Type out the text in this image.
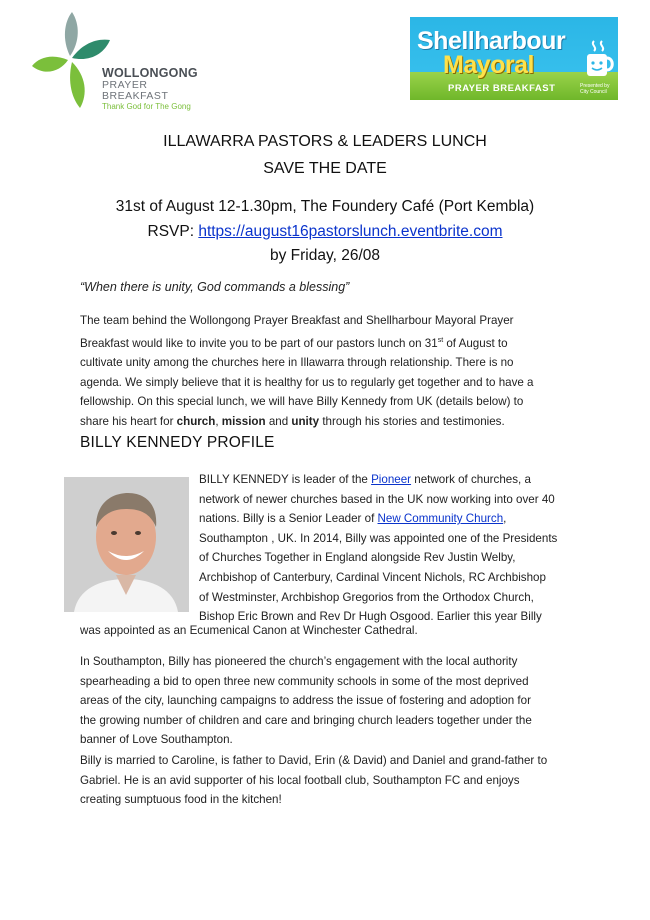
WOLLONGONG
PRAYER
BREAKFAST
Thank God for The Gong
Shellharbour
Mayoral
PRAYER BREAKFAST	Presented by City Council
ILLAWARRA PASTORS & LEADERS LUNCH
SAVE THE DATE
31st of August 12-1.30pm, The Foundery Café (Port Kembla)
RSVP: https://august16pastorslunch.eventbrite.com
by Friday, 26/08
“When there is unity, God commands a blessing”
The team behind the Wollongong Prayer Breakfast and Shellharbour Mayoral Prayer
Breakfast would like to invite you to be part of our pastors lunch on 31st of August to
cultivate unity among the churches here in Illawarra through relationship. There is no
agenda. We simply believe that it is healthy for us to regularly get together and to have a
fellowship. On this special lunch, we will have Billy Kennedy from UK (details below) to
share his heart for church, mission and unity through his stories and testimonies.
BILLY KENNEDY PROFILE
BILLY KENNEDY is leader of the Pioneer network of churches, a
network of newer churches based in the UK now working into over 40
nations. Billy is a Senior Leader of New Community Church,
Southampton , UK. In 2014, Billy was appointed one of the Presidents
of Churches Together in England alongside Rev Justin Welby,
Archbishop of Canterbury, Cardinal Vincent Nichols, RC Archbishop
of Westminster, Archbishop Gregorios from the Orthodox Church,
Bishop Eric Brown and Rev Dr Hugh Osgood. Earlier this year Billy
was appointed as an Ecumenical Canon at Winchester Cathedral.
In Southampton, Billy has pioneered the church’s engagement with the local authority
spearheading a bid to open three new community schools in some of the most deprived
areas of the city, launching campaigns to address the issue of fostering and adoption for
the growing number of children and care and bringing church leaders together under the
banner of Love Southampton.
Billy is married to Caroline, is father to David, Erin (& David) and Daniel and grand-father to
Gabriel. He is an avid supporter of his local football club, Southampton FC and enjoys
creating sumptuous food in the kitchen!
